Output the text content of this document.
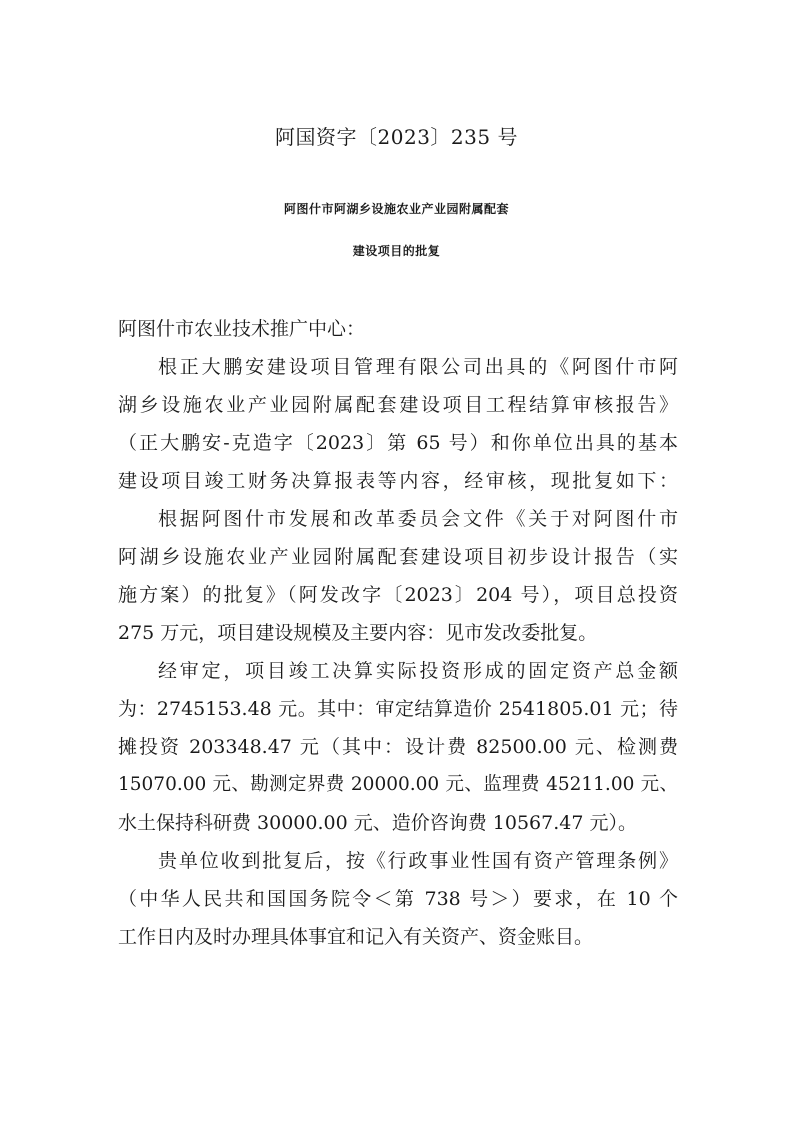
阿国资字〔2023〕235 号
阿图什市阿湖乡设施农业产业园附属配套
建设项目的批复
阿图什市农业技术推广中心：
根正大鹏安建设项目管理有限公司出具的《阿图什市阿
湖乡设施农业产业园附属配套建设项目工程结算审核报告》
（正大鹏安-克造字〔2023〕第 65 号）和你单位出具的基本
建设项目竣工财务决算报表等内容，经审核，现批复如下：
根据阿图什市发展和改革委员会文件《关于对阿图什市
阿湖乡设施农业产业园附属配套建设项目初步设计报告（实
施方案）的批复》（阿发改字〔2023〕204 号），项目总投资
275 万元，项目建设规模及主要内容：见市发改委批复。
经审定，项目竣工决算实际投资形成的固定资产总金额
为：2745153.48 元。其中：审定结算造价 2541805.01 元；待
摊投资 203348.47 元（其中：设计费 82500.00 元、检测费
15070.00 元、勘测定界费 20000.00 元、监理费 45211.00 元、
水土保持科研费 30000.00 元、造价咨询费 10567.47 元）。
贵单位收到批复后，按《行政事业性国有资产管理条例》
（中华人民共和国国务院令＜第 738 号＞）要求，在 10 个
工作日内及时办理具体事宜和记入有关资产、资金账目。
